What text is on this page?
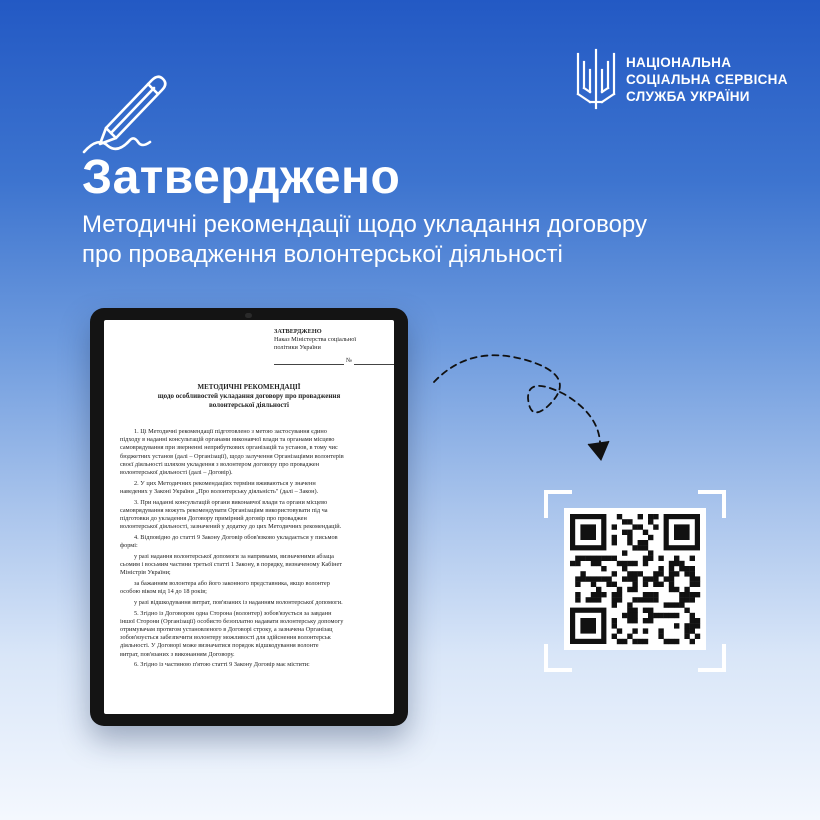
НАЦІОНАЛЬНА
СОЦІАЛЬНА СЕРВІСНА
СЛУЖБА УКРАЇНИ
Затверджено
Методичні рекомендації щодо укладання договору
про провадження волонтерської діяльності
ЗАТВЕРДЖЕНО
Наказ Міністерства соціальної
політики України
№
МЕТОДИЧНІ РЕКОМЕНДАЦІЇ
щодо особливостей укладання договору про провадження
волонтерської діяльності

1. Ці Методичні рекомендації підготовлено з метою застосування єдино

підходу в наданні консультацій органами виконавчої влади та органами місцево

самоврядування при зверненні неприбуткових організацій та установ, в тому чис

бюджетних установ (далі – Організації), щодо залучення Організаціями волонтерів

своєї діяльності шляхом укладення з волонтером договору про проваджен

волонтерської діяльності (далі – Договір).

2. У цих Методичних рекомендаціях терміни вживаються у значенн

наведених у Законі України „Про волонтерську діяльність" (далі – Закон).

3. При наданні консультацій органи виконавчої влади та органи місцево

самоврядування можуть рекомендувати Організаціям використовувати під ча

підготовки до укладення Договору примірний договір про проваджен

волонтерської діяльності, зазначений у додатку до цих Методичних рекомендацій.

4. Відповідно до статті 9 Закону Договір обов'язково укладається у письмов

формі:

у разі надання волонтерської допомоги за напрямами, визначеними абзаца

сьомим і восьмим частини третьої статті 1 Закону, в порядку, визначеному Кабінет

Міністрів України;

за бажанням волонтера або його законного представника, якщо волонтер

особою віком від 14 до 18 років;

у разі відшкодування витрат, пов'язаних із наданням волонтерської допомоги.

5. Згідно із Договором одна Сторона (волонтер) зобов'язується за завданн

іншої Сторони (Організації) особисто безоплатно надавати волонтерську допомогу

отримувачам протягом установленого в Договорі строку, а зазначена Організац

зобов'язується забезпечити волонтеру можливості для здійснення волонтерськ

діяльності. У Договорі може визначатися порядок відшкодування волонте

витрат, пов'язаних з виконанням Договору.

6. Згідно із частиною п'ятою статті 9 Закону Договір має містити:
